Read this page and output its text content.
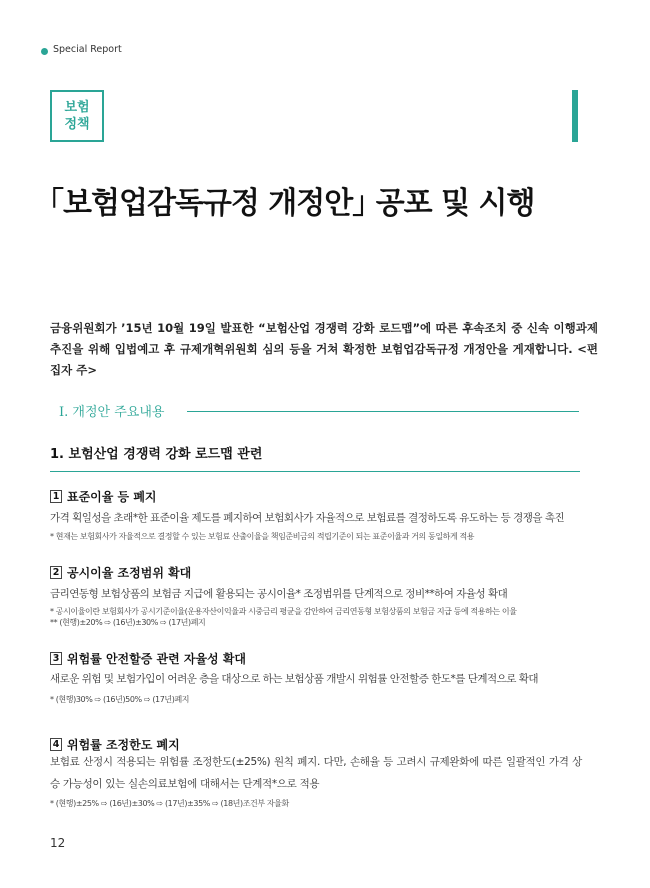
Special Report
보험
정책
｢보험업감독규정 개정안｣ 공포 및 시행
금융위원회가 ’15년 10월 19일 발표한 “보험산업 경쟁력 강화 로드맵”에 따른 후속조치 중 신속 이행과제 추진을 위해 입법예고 후 규제개혁위원회 심의 등을 거쳐 확정한 보험업감독규정 개정안을 게재합니다. <편집자 주>
Ⅰ. 개정안 주요내용
1. 보험산업 경쟁력 강화 로드맵 관련
1 표준이율 등 폐지
가격 획일성을 초래*한 표준이율 제도를 폐지하여 보험회사가 자율적으로 보험료를 결정하도록 유도하는 등 경쟁을 촉진
* 현재는 보험회사가 자율적으로 결정할 수 있는 보험료 산출이율을 책임준비금의 적립기준이 되는 표준이율과 거의 동일하게 적용
2 공시이율 조정범위 확대
금리연동형 보험상품의 보험금 지급에 활용되는 공시이율* 조정범위를 단계적으로 정비**하여 자율성 확대
* 공시이율이란 보험회사가 공시기준이율(운용자산이익율과 시중금리 평균을 감안하여 금리연동형 보험상품의 보험금 지급 등에 적용하는 이율
** (현행)±20% ⇨ (16년)±30% ⇨ (17년)폐지
3 위험률 안전할증 관련 자율성 확대
새로운 위험 및 보험가입이 어려운 층을 대상으로 하는 보험상품 개발시 위험률 안전할증 한도*를 단계적으로 확대
* (현행)30% ⇨ (16년)50% ⇨ (17년)폐지
4 위험률 조정한도 폐지
보험료 산정시 적용되는 위험률 조정한도(±25%) 원칙 폐지. 다만, 손해율 등 고려시 규제완화에 따른 일괄적인 가격 상승 가능성이 있는 실손의료보험에 대해서는 단계적*으로 적용
* (현행)±25% ⇨ (16년)±30% ⇨ (17년)±35% ⇨ (18년)조건부 자율화
12
